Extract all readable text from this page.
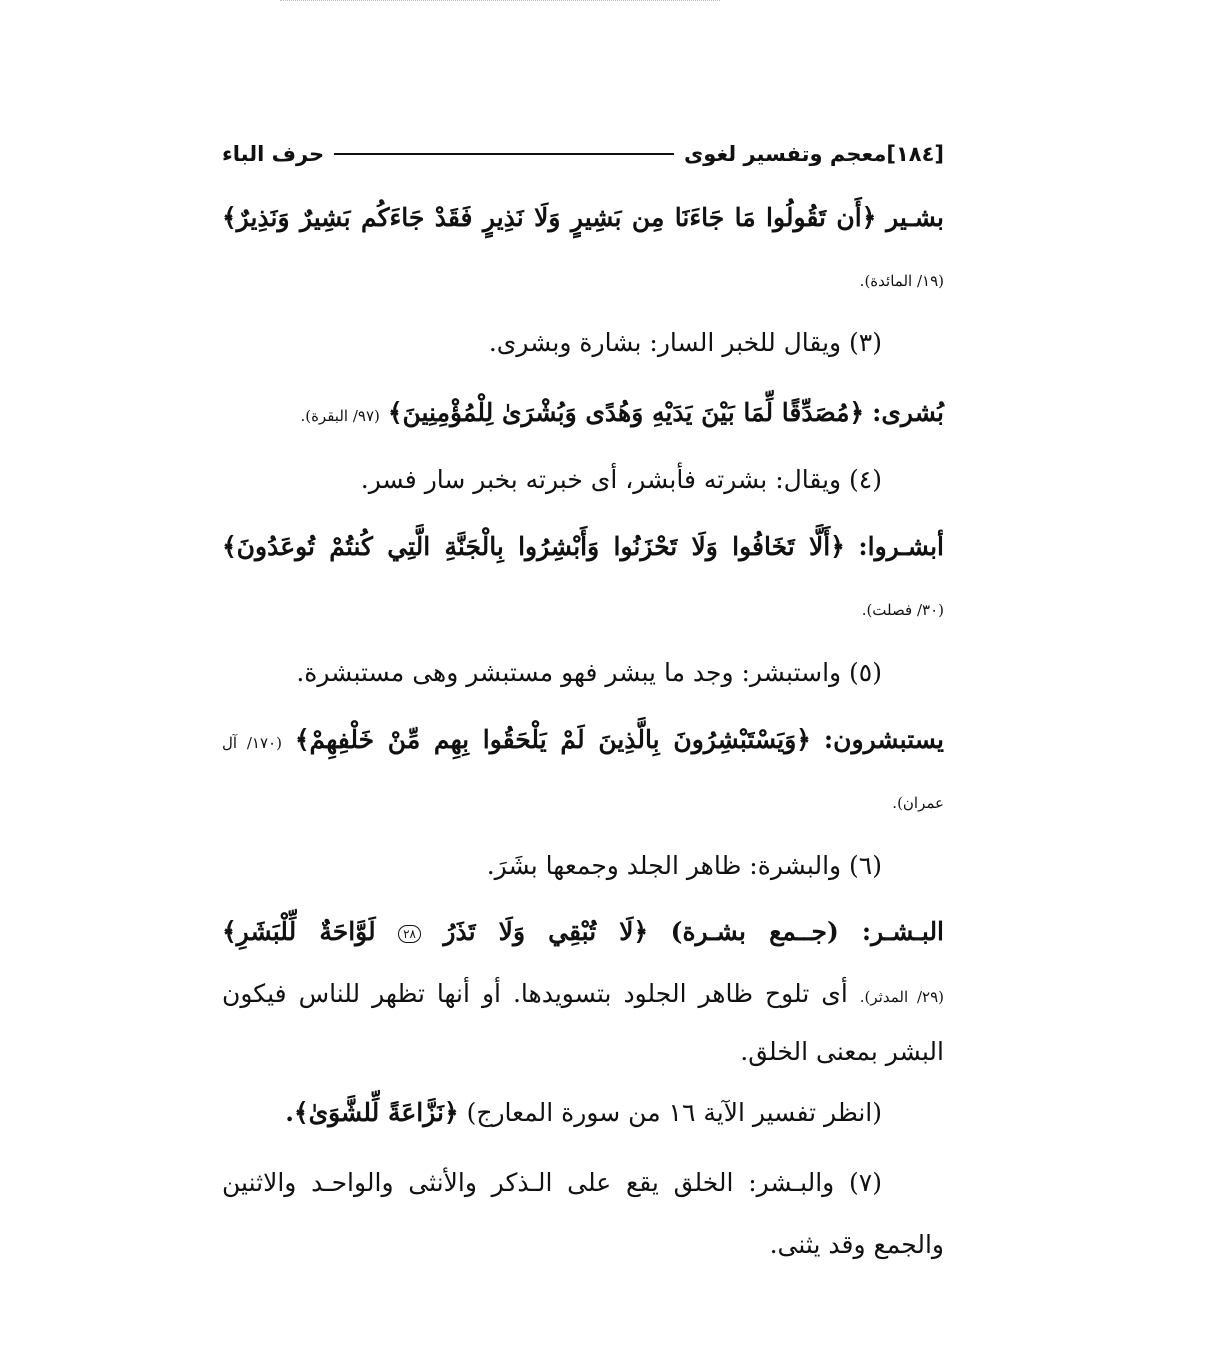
[١٨٤]
معجم وتفسير لغوى
حرف الباء
بشـير ﴿أَن تَقُولُوا مَا جَاءَنَا مِن بَشِيرٍ وَلَا نَذِيرٍ فَقَدْ جَاءَكُم بَشِيرٌ وَنَذِيرٌ﴾
(١٩/ المائدة).
(٣) ويقال للخبر السار: بشارة وبشرى.
بُشرى: ﴿مُصَدِّقًا لِّمَا بَيْنَ يَدَيْهِ وَهُدًى وَبُشْرَىٰ لِلْمُؤْمِنِينَ﴾ (٩٧/ البقرة).
(٤) ويقال: بشرته فأبشر، أى خبرته بخبر سار فسر.
أبشـروا: ﴿أَلَّا تَخَافُوا وَلَا تَحْزَنُوا وَأَبْشِرُوا بِالْجَنَّةِ الَّتِي كُنتُمْ تُوعَدُونَ﴾
(٣٠/ فصلت).
(٥) واستبشر: وجد ما يبشر فهو مستبشر وهى مستبشرة.
يستبشرون: ﴿وَيَسْتَبْشِرُونَ بِالَّذِينَ لَمْ يَلْحَقُوا بِهِم مِّنْ خَلْفِهِمْ﴾ (١٧٠/ آل
عمران).
(٦) والبشرة: ظاهر الجلد وجمعها بشَرَ.
البـشـر: (جــمع بشـرة) ﴿لَا تُبْقِي وَلَا تَذَرُ ٢٨ لَوَّاحَةٌ لِّلْبَشَرِ﴾
(٢٩/ المدثر). أى تلوح ظاهر الجلود بتسويدها. أو أنها تظهر للناس فيكون
البشر بمعنى الخلق.
(انظر تفسير الآية ١٦ من سورة المعارج) ﴿نَزَّاعَةً لِّلشَّوَىٰ﴾.
(٧) والبـشر: الخلق يقع على الـذكر والأنثى والواحـد والاثنين
والجمع وقد يثنى.
